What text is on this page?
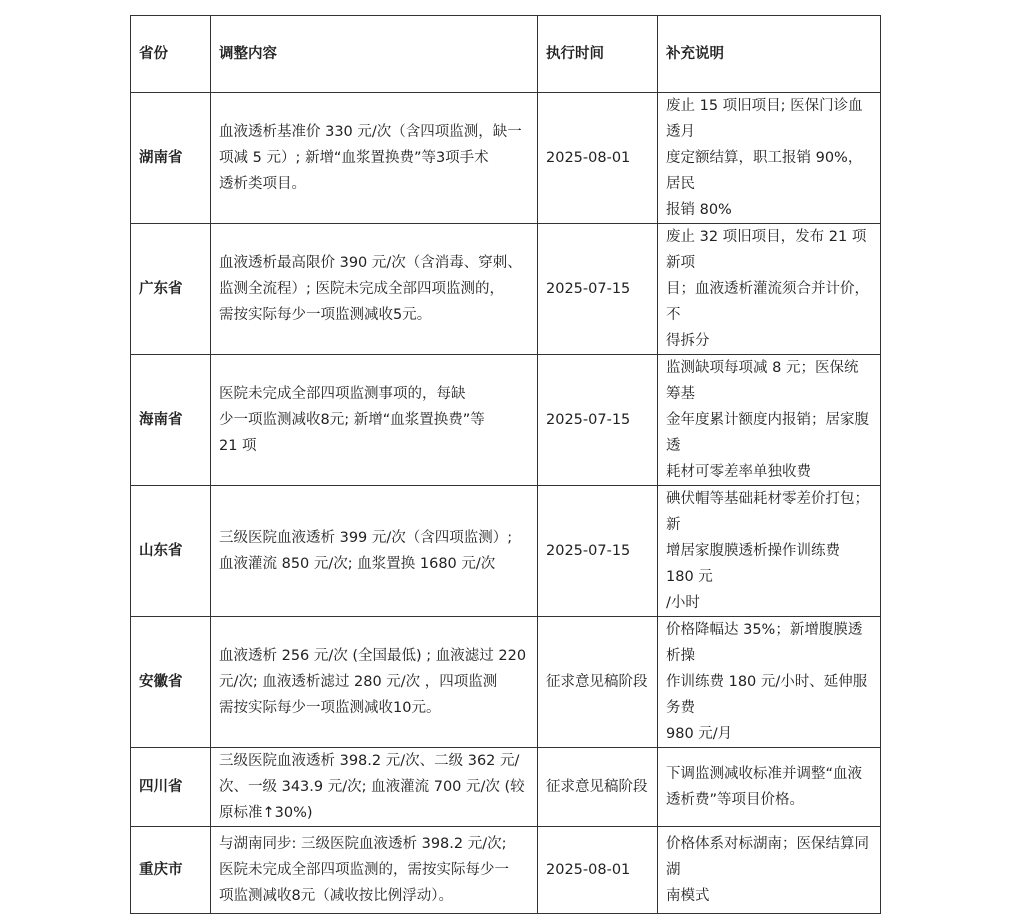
省份	调整内容	执行时间	补充说明
湖南省	血液透析基准价 330 元/次（含四项监测，缺一
项减 5 元）; 新增“血浆置换费”等3项手术
透析类项目。	2025-08-01	废止 15 项旧项目; 医保门诊血透月
度定额结算，职工报销 90%，居民
报销 80%
广东省	血液透析最高限价 390 元/次（含消毒、穿刺、
监测全流程）; 医院未完成全部四项监测的，
需按实际每少一项监测减收5元。	2025-07-15	废止 32 项旧项目，发布 21 项新项
目；血液透析灌流须合并计价，不
得拆分
海南省	医院未完成全部四项监测事项的，每缺
少一项监测减收8元; 新增“血浆置换费”等
21 项	2025-07-15	监测缺项每项减 8 元；医保统筹基
金年度累计额度内报销；居家腹透
耗材可零差率单独收费
山东省	三级医院血液透析 399 元/次（含四项监测）;
血液灌流 850 元/次; 血浆置换 1680 元/次	2025-07-15	碘伏帽等基础耗材零差价打包；新
增居家腹膜透析操作训练费 180 元
/小时
安徽省	血液透析 256 元/次 (全国最低) ; 血液滤过 220
元/次; 血液透析滤过 280 元/次 ，四项监测
需按实际每少一项监测减收10元。	征求意见稿阶段	价格降幅达 35%；新增腹膜透析操
作训练费 180 元/小时、延伸服务费
980 元/月
四川省	三级医院血液透析 398.2 元/次、二级 362 元/
次、一级 343.9 元/次; 血液灌流 700 元/次 (较
原标准↑30%)	征求意见稿阶段	下调监测减收标准并调整“血液
透析费”等项目价格。
重庆市	与湖南同步: 三级医院血液透析 398.2 元/次;
医院未完成全部四项监测的，需按实际每少一
项监测减收8元（减收按比例浮动）。	2025-08-01	价格体系对标湖南；医保结算同湖
南模式
